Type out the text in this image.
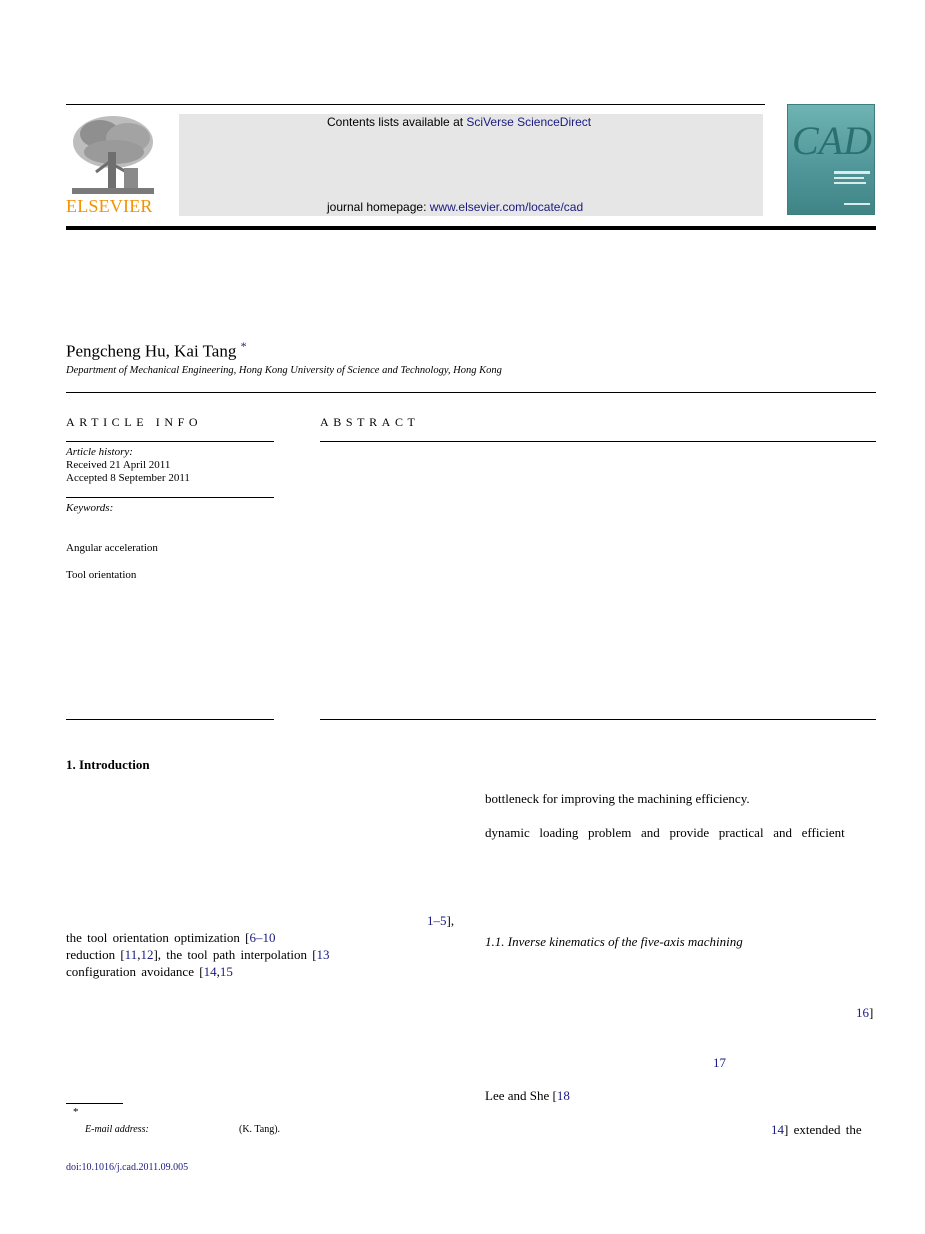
ELSEVIER
Contents lists available at SciVerse ScienceDirect
journal homepage: www.elsevier.com/locate/cad
CAD
Pengcheng Hu, Kai Tang *
Department of Mechanical Engineering, Hong Kong University of Science and Technology, Hong Kong
ARTICLE INFO
Article history:
Received 21 April 2011
Accepted 8 September 2011
Keywords:
Angular acceleration
Tool orientation
ABSTRACT
1. Introduction
1–5],
the tool orientation optimization [6–10
reduction [11,12], the tool path interpolation [13
configuration avoidance [14,15
bottleneck for improving the machining efficiency.
dynamic loading problem and provide practical and efficient
1.1. Inverse kinematics of the five-axis machining
16]
17
Lee and She [18
14] extended the
*
E-mail address:	(K. Tang).
doi:10.1016/j.cad.2011.09.005
